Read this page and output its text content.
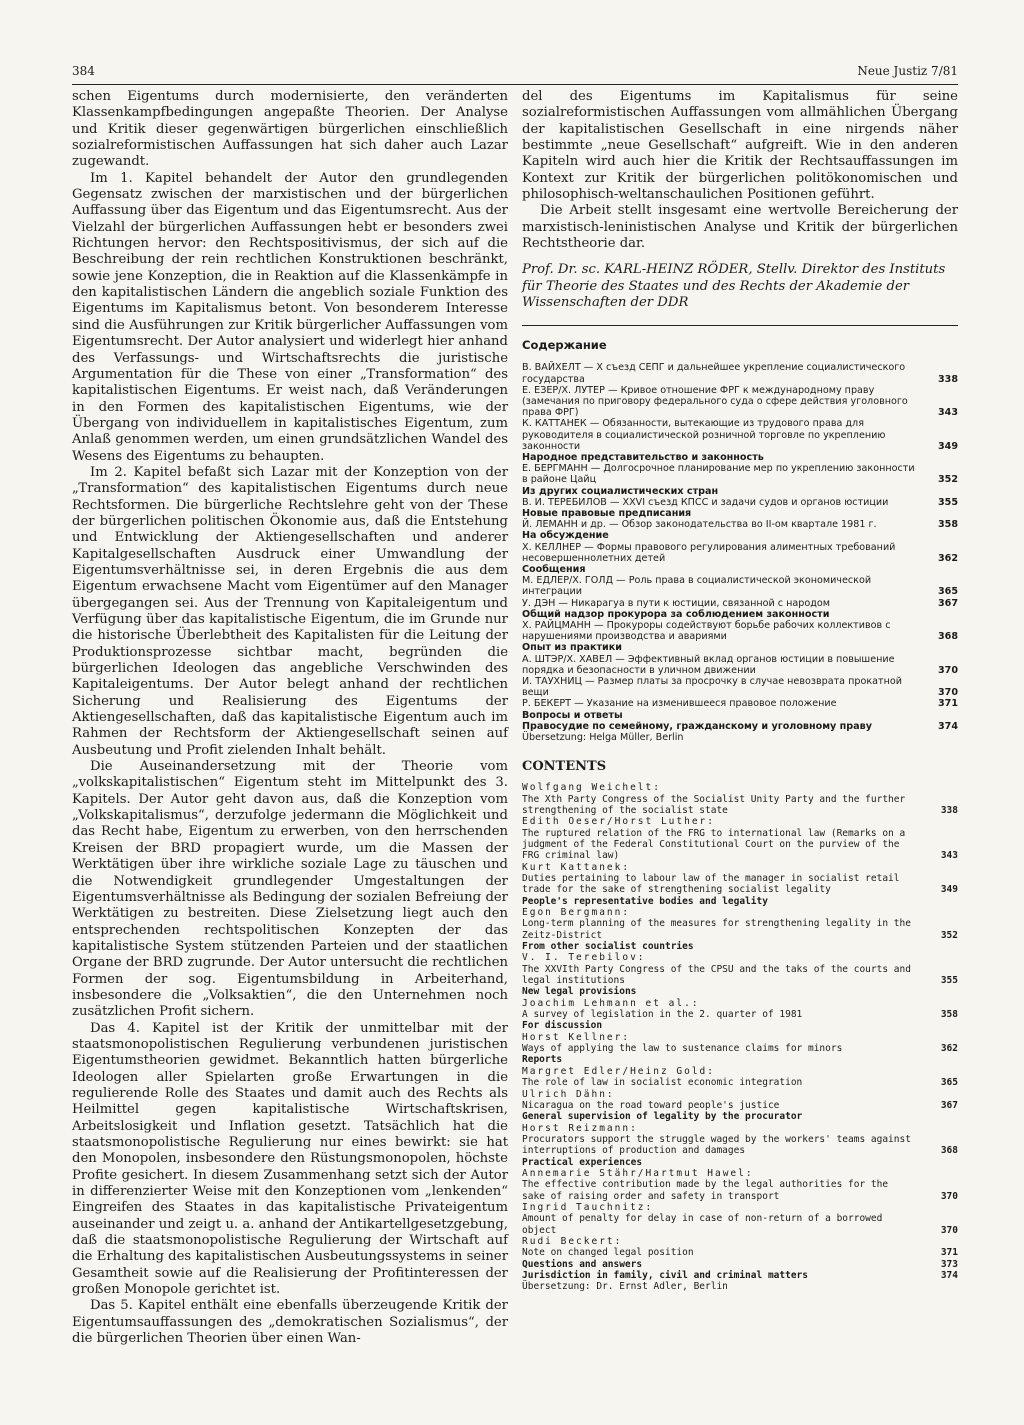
384	Neue Justiz 7/81

schen Eigentums durch modernisierte, den veränderten Klassenkampfbedingungen angepaßte Theorien. Der Analyse und Kritik dieser gegenwärtigen bürgerlichen einschließlich sozialreformistischen Auffassungen hat sich daher auch Lazar zugewandt.

Im 1. Kapitel behandelt der Autor den grundlegenden Gegensatz zwischen der marxistischen und der bürgerlichen Auffassung über das Eigentum und das Eigentumsrecht. Aus der Vielzahl der bürgerlichen Auffassungen hebt er besonders zwei Richtungen hervor: den Rechtspositivismus, der sich auf die Beschreibung der rein rechtlichen Konstruktionen beschränkt, sowie jene Konzeption, die in Reaktion auf die Klassenkämpfe in den kapitalistischen Ländern die angeblich soziale Funktion des Eigentums im Kapitalismus betont. Von besonderem Interesse sind die Ausführungen zur Kritik bürgerlicher Auffassungen vom Eigentumsrecht. Der Autor analysiert und widerlegt hier anhand des Verfassungs- und Wirtschaftsrechts die juristische Argumentation für die These von einer „Transformation“ des kapitalistischen Eigentums. Er weist nach, daß Veränderungen in den Formen des kapitalistischen Eigentums, wie der Übergang von individuellem in kapitalistisches Eigentum, zum Anlaß genommen werden, um einen grundsätzlichen Wandel des Wesens des Eigentums zu behaupten.

Im 2. Kapitel befaßt sich Lazar mit der Konzeption von der „Transformation“ des kapitalistischen Eigentums durch neue Rechtsformen. Die bürgerliche Rechtslehre geht von der These der bürgerlichen politischen Ökonomie aus, daß die Entstehung und Entwicklung der Aktiengesellschaften und anderer Kapitalgesellschaften Ausdruck einer Umwandlung der Eigentumsverhältnisse sei, in deren Ergebnis die aus dem Eigentum erwachsene Macht vom Eigentümer auf den Manager übergegangen sei. Aus der Trennung von Kapitaleigentum und Verfügung über das kapitalistische Eigentum, die im Grunde nur die historische Überlebtheit des Kapitalisten für die Leitung der Produktionsprozesse sichtbar macht, begründen die bürgerlichen Ideologen das angebliche Verschwinden des Kapitaleigentums. Der Autor belegt anhand der rechtlichen Sicherung und Realisierung des Eigentums der Aktiengesellschaften, daß das kapitalistische Eigentum auch im Rahmen der Rechtsform der Aktiengesellschaft seinen auf Ausbeutung und Profit zielenden Inhalt behält.

Die Auseinandersetzung mit der Theorie vom „volkskapitalistischen“ Eigentum steht im Mittelpunkt des 3. Kapitels. Der Autor geht davon aus, daß die Konzeption vom „Volkskapitalismus“, derzufolge jedermann die Möglichkeit und das Recht habe, Eigentum zu erwerben, von den herrschenden Kreisen der BRD propagiert wurde, um die Massen der Werktätigen über ihre wirkliche soziale Lage zu täuschen und die Notwendigkeit grundlegender Umgestaltungen der Eigentumsverhältnisse als Bedingung der sozialen Befreiung der Werktätigen zu bestreiten. Diese Zielsetzung liegt auch den entsprechenden rechtspolitischen Konzepten der das kapitalistische System stützenden Parteien und der staatlichen Organe der BRD zugrunde. Der Autor untersucht die rechtlichen Formen der sog. Eigentumsbildung in Arbeiterhand, insbesondere die „Volksaktien“, die den Unternehmen noch zusätzlichen Profit sichern.

Das 4. Kapitel ist der Kritik der unmittelbar mit der staatsmonopolistischen Regulierung verbundenen juristischen Eigentumstheorien gewidmet. Bekanntlich hatten bürgerliche Ideologen aller Spielarten große Erwartungen in die regulierende Rolle des Staates und damit auch des Rechts als Heilmittel gegen kapitalistische Wirtschaftskrisen, Arbeitslosigkeit und Inflation gesetzt. Tatsächlich hat die staatsmonopolistische Regulierung nur eines bewirkt: sie hat den Monopolen, insbesondere den Rüstungsmonopolen, höchste Profite gesichert. In diesem Zusammenhang setzt sich der Autor in differenzierter Weise mit den Konzeptionen vom „lenkenden“ Eingreifen des Staates in das kapitalistische Privateigentum auseinander und zeigt u. a. anhand der Antikartellgesetzgebung, daß die staatsmonopolistische Regulierung der Wirtschaft auf die Erhaltung des kapitalistischen Ausbeutungssystems in seiner Gesamtheit sowie auf die Realisierung der Profitinteressen der großen Monopole gerichtet ist.

Das 5. Kapitel enthält eine ebenfalls überzeugende Kritik der Eigentumsauffassungen des „demokratischen Sozialismus“, der die bürgerlichen Theorien über einen Wan-

del des Eigentums im Kapitalismus für seine sozialreformistischen Auffassungen vom allmählichen Übergang der kapitalistischen Gesellschaft in eine nirgends näher bestimmte „neue Gesellschaft“ aufgreift. Wie in den anderen Kapiteln wird auch hier die Kritik der Rechtsauffassungen im Kontext zur Kritik der bürgerlichen politökonomischen und philosophisch-weltanschaulichen Positionen geführt.

Die Arbeit stellt insgesamt eine wertvolle Bereicherung der marxistisch-leninistischen Analyse und Kritik der bürgerlichen Rechtstheorie dar.

Prof. Dr. sc. KARL-HEINZ RÖDER, Stellv. Direktor des Instituts für Theorie des Staates und des Rechts der Akademie der Wissenschaften der DDR
Содержание
В. ВАЙХЕЛТ — X съезд СЕПГ и дальнейшее укрепление социалистического государства	338
Е. ЕЗЕР/Х. ЛУТЕР — Кривое отношение ФРГ к международному праву (замечания по приговору федерального суда о сфере действия уголовного права ФРГ)	343
К. КАТТАНЕК — Обязанности, вытекающие из трудового права для руководителя в социалистической розничной торговле по укреплению законности	349
Народное представительство и законность
Е. БЕРГМАНН — Долгосрочное планирование мер по укреплению законности в районе Цайц	352
Из других социалистических стран
В. И. ТЕРЕБИЛОВ — XXVI съезд КПСС и задачи судов и органов юстиции	355
Новые правовые предписания
Й. ЛЕМАНН и др. — Обзор законодательства во II-ом квартале 1981 г.	358
На обсуждение
Х. КЕЛЛНЕР — Формы правового регулирования алиментных требований несовершеннолетних детей	362
Сообщения
М. ЕДЛЕР/Х. ГОЛД — Роль права в социалистической экономической интеграции	365
У. ДЭН — Никарагуа в пути к юстиции, связанной с народом	367
Общий надзор прокурора за соблюдением законности
Х. РАЙЦМАНН — Прокуроры содействуют борьбе рабочих коллективов с нарушениями производства и авариями	368
Опыт из практики
А. ШТЭР/Х. ХАВЕЛ — Эффективный вклад органов юстиции в повышение порядка и безопасности в уличном движении	370
И. ТАУХНИЦ — Размер платы за просрочку в случае невозврата прокатной вещи	370
Р. БЕКЕРТ — Указание на изменившееся правовое положение	371
Вопросы и ответы
Правосудие по семейному, гражданскому и уголовному праву	374
Übersetzung: Helga Müller, Berlin
CONTENTS
Wolfgang Weichelt:
The Xth Party Congress of the Socialist Unity Party and the further strengthening of the socialist state	338
Edith Oeser/Horst Luther:
The ruptured relation of the FRG to international law (Remarks on a judgment of the Federal Constitutional Court on the purview of the FRG criminal law)	343
Kurt Kattanek:
Duties pertaining to labour law of the manager in socialist retail trade for the sake of strengthening socialist legality	349
People's representative bodies and legality
Egon Bergmann:
Long-term planning of the measures for strengthening legality in the Zeitz-District	352
From other socialist countries
V. I. Terebilov:
The XXVIth Party Congress of the CPSU and the taks of the courts and legal institutions	355
New legal provisions
Joachim Lehmann et al.:
A survey of legislation in the 2. quarter of 1981	358
For discussion
Horst Kellner:
Ways of applying the law to sustenance claims for minors	362
Reports
Margret Edler/Heinz Gold:
The role of law in socialist economic integration	365
Ulrich Dähn:
Nicaragua on the road toward people's justice	367
General supervision of legality by the procurator
Horst Reizmann:
Procurators support the struggle waged by the workers' teams against interruptions of production and damages	368
Practical experiences
Annemarie Stähr/Hartmut Hawel:
The effective contribution made by the legal authorities for the sake of raising order and safety in transport	370
Ingrid Tauchnitz:
Amount of penalty for delay in case of non-return of a borrowed object	370
Rudi Beckert:
Note on changed legal position	371
Questions and answers	373
Jurisdiction in family, civil and criminal matters	374
Übersetzung: Dr. Ernst Adler, Berlin
